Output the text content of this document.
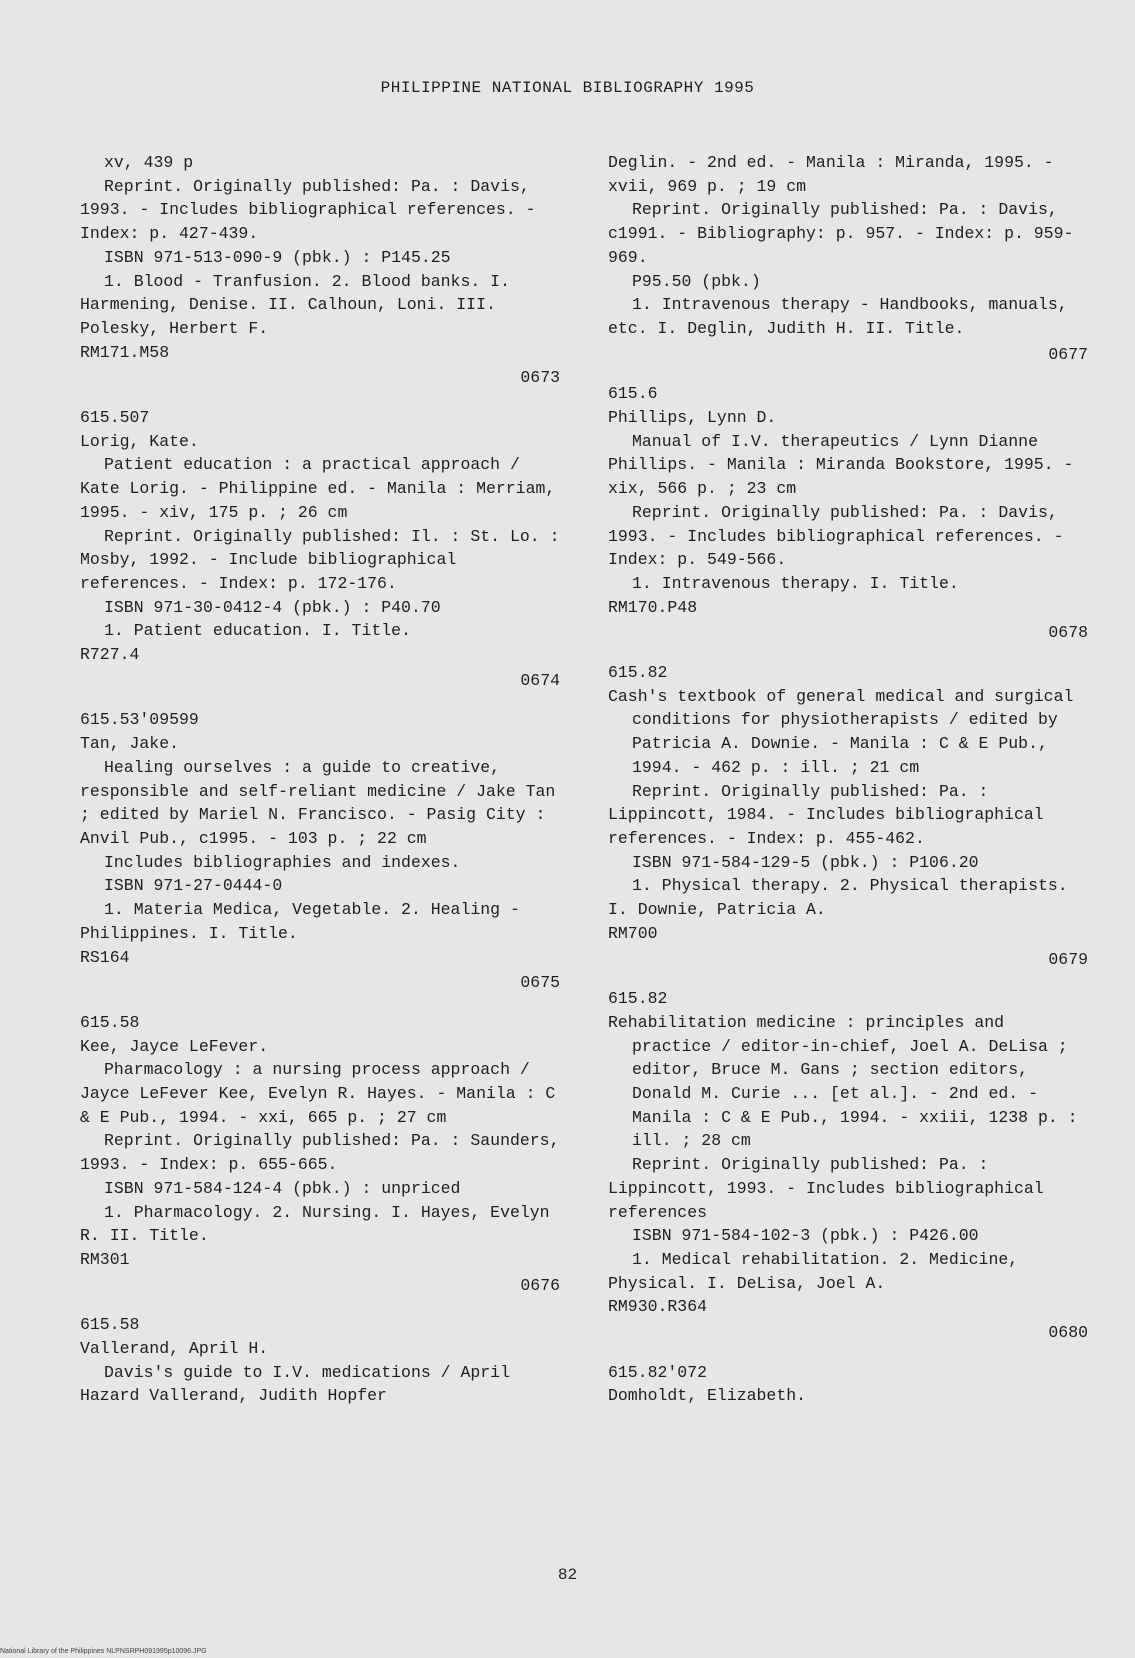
PHILIPPINE NATIONAL BIBLIOGRAPHY 1995

xv, 439 p

Reprint. Originally published: Pa. : Davis, 1993. - Includes bibliographical references. - Index: p. 427-439.

ISBN 971-513-090-9 (pbk.) : P145.25

1. Blood - Tranfusion. 2. Blood banks. I. Harmening, Denise. II. Calhoun, Loni. III. Polesky, Herbert F.

RM171.M58

0673

615.507

Lorig, Kate.

Patient education : a practical approach / Kate Lorig. - Philippine ed. - Manila : Merriam, 1995. - xiv, 175 p. ; 26 cm

Reprint. Originally published: Il. : St. Lo. : Mosby, 1992. - Include bibliographical references. - Index: p. 172-176.

ISBN 971-30-0412-4 (pbk.) : P40.70

1. Patient education. I. Title.

R727.4

0674

615.53'09599

Tan, Jake.

Healing ourselves : a guide to creative, responsible and self-reliant medicine / Jake Tan ; edited by Mariel N. Francisco. - Pasig City : Anvil Pub., c1995. - 103 p. ; 22 cm

Includes bibliographies and indexes.

ISBN 971-27-0444-0

1. Materia Medica, Vegetable. 2. Healing - Philippines. I. Title.

RS164

0675

615.58

Kee, Jayce LeFever.

Pharmacology : a nursing process approach / Jayce LeFever Kee, Evelyn R. Hayes. - Manila : C & E Pub., 1994. - xxi, 665 p. ; 27 cm

Reprint. Originally published: Pa. : Saunders, 1993. - Index: p. 655-665.

ISBN 971-584-124-4 (pbk.) : unpriced

1. Pharmacology. 2. Nursing. I. Hayes, Evelyn R. II. Title.

RM301

0676

615.58

Vallerand, April H.

Davis's guide to I.V. medications / April Hazard Vallerand, Judith Hopfer

Deglin. - 2nd ed. - Manila : Miranda, 1995. - xvii, 969 p. ; 19 cm

Reprint. Originally published: Pa. : Davis, c1991. - Bibliography: p. 957. - Index: p. 959-969.

P95.50 (pbk.)

1. Intravenous therapy - Handbooks, manuals, etc. I. Deglin, Judith H. II. Title.

0677

615.6

Phillips, Lynn D.

Manual of I.V. therapeutics / Lynn Dianne Phillips. - Manila : Miranda Bookstore, 1995. - xix, 566 p. ; 23 cm

Reprint. Originally published: Pa. : Davis, 1993. - Includes bibliographical references. - Index: p. 549-566.

1. Intravenous therapy. I. Title.

RM170.P48

0678

615.82

Cash's textbook of general medical and surgical conditions for physiotherapists / edited by Patricia A. Downie. - Manila : C & E Pub., 1994. - 462 p. : ill. ; 21 cm

Reprint. Originally published: Pa. : Lippincott, 1984. - Includes bibliographical references. - Index: p. 455-462.

ISBN 971-584-129-5 (pbk.) : P106.20

1. Physical therapy. 2. Physical therapists. I. Downie, Patricia A.

RM700

0679

615.82

Rehabilitation medicine : principles and practice / editor-in-chief, Joel A. DeLisa ; editor, Bruce M. Gans ; section editors, Donald M. Curie ... [et al.]. - 2nd ed. - Manila : C & E Pub., 1994. - xxiii, 1238 p. : ill. ; 28 cm

Reprint. Originally published: Pa. : Lippincott, 1993. - Includes bibliographical references

ISBN 971-584-102-3 (pbk.) : P426.00

1. Medical rehabilitation. 2. Medicine, Physical. I. DeLisa, Joel A.

RM930.R364

0680

615.82'072

Domholdt, Elizabeth.

82
National Library of the Philippines NLPNSRPH091995p10096.JPG
